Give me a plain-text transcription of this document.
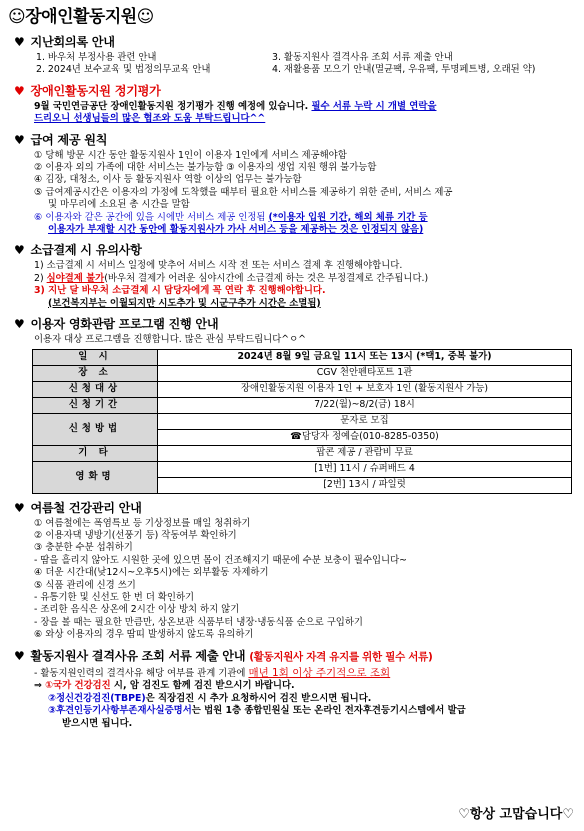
☺장애인활동지원☺
♥ 지난회의록 안내
1. 바우처 부정사용 관련 안내	3. 활동지원사 결격사유 조회 서류 제출 안내
2. 2024년 보수교육 및 법정의무교육 안내	4. 재활용품 모으기 안내(멸균팩, 우유팩, 투명페트병, 오래된 약)
♥ 장애인활동지원 정기평가
9월 국민연금공단 장애인활동지원 정기평가 진행 예정에 있습니다. 필수 서류 누락 시 개별 연락을
드리오니 선생님들의 많은 협조와 도움 부탁드립니다^^
♥ 급여 제공 원칙
① 당해 방문 시간 동안 활동지원사 1인이 이용자 1인에게 서비스 제공해야함
② 이용자 외의 가족에 대한 서비스는 불가능함 ③ 이용자의 생업 지원 행위 불가능함
④ 김장, 대청소, 이사 등 활동지원사 역할 이상의 업무는 불가능함
⑤ 급여제공시간은 이용자의 가정에 도착했을 때부터 필요한 서비스를 제공하기 위한 준비, 서비스 제공
및 마무리에 소요된 총 시간을 말함
⑥ 이용자와 같은 공간에 있을 시에만 서비스 제공 인정됨 (*이용자 입원 기간, 해외 체류 기간 등
이용자가 부재할 시간 동안에 활동지원사가 가사 서비스 등을 제공하는 것은 인정되지 않음)
♥ 소급결제 시 유의사항
1) 소급결제 시 서비스 일정에 맞추어 서비스 시작 전 또는 서비스 결제 후 진행해야합니다.
2) 심야결제 불가(바우처 결제가 어려운 심야시간에 소급결제 하는 것은 부정결제로 간주됩니다.)
3) 지난 달 바우처 소급결제 시 담당자에게 꼭 연락 후 진행해야합니다.
(보건복지부는 이월되지만 시도추가 및 시군구추가 시간은 소멸됨)
♥ 이용자 영화관람 프로그램 진행 안내
이용자 대상 프로그램을 진행합니다. 많은 관심 부탁드립니다^ㅇ^
일 시	2024년 8월 9일 금요일 11시 또는 13시 (*택1, 중복 불가)
장 소	CGV 천안펜타포트 1관
신청대상	장애인활동지원 이용자 1인 + 보호자 1인 (활동지원사 가능)
신청기간	7/22(월)~8/2(금) 18시
신청방법	문자로 모집
	☎담당자 정예슬(010-8285-0350)
기 타	팝콘 제공 / 관람비 무료
영화명	[1번] 11시 / 슈퍼배드 4
	[2번] 13시 / 파일럿
♥ 여름철 건강관리 안내
① 여름철에는 폭염특보 등 기상정보를 매일 청취하기
② 이용자댁 냉방기(선풍기 등) 작동여부 확인하기
③ 충분한 수분 섭취하기
- 땀을 흘리지 않아도 시원한 곳에 있으면 몸이 건조해지기 때문에 수분 보충이 필수입니다~
④ 더운 시간대(낮12시~오후5시)에는 외부활동 자제하기
⑤ 식품 관리에 신경 쓰기
- 유통기한 및 신선도 한 번 더 확인하기
- 조리한 음식은 상온에 2시간 이상 방치 하지 않기
- 장을 볼 때는 필요한 만큼만, 상온보관 식품부터 냉장·냉동식품 순으로 구입하기
⑥ 와상 이용자의 경우 땀띠 발생하지 않도록 유의하기
♥ 활동지원사 결격사유 조회 서류 제출 안내 (활동지원사 자격 유지를 위한 필수 서류)
- 활동지원인력의 결격사유 해당 여부를 관계 기관에 매년 1회 이상 주기적으로 조회
⇒ ①국가 건강검진 시, 암 검진도 함께 검진 받으시기 바랍니다.
②정신건강검진(TBPE)은 직장검진 시 추가 요청하시어 검진 받으시면 됩니다.
③후견인등기사항부존재사실증명서는 법원 1층 종합민원실 또는 온라인 전자후견등기시스템에서 발급
받으시면 됩니다.
♡항상 고맙습니다♡
